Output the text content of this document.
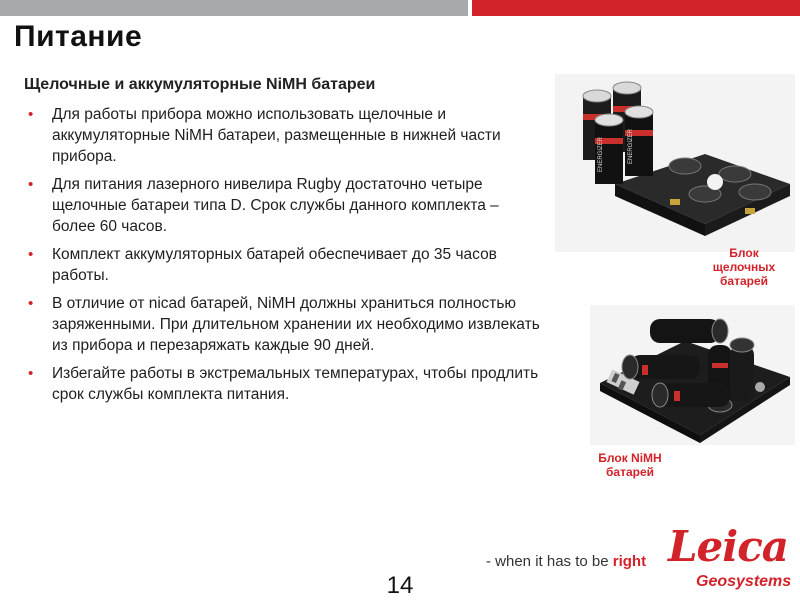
Питание
Щелочные и аккумуляторные NiMH батареи
• Для работы прибора можно использовать щелочные и аккумуляторные NiMH батареи, размещенные в нижней части прибора.
• Для питания лазерного нивелира Rugby достаточно четыре щелочные батареи типа D. Срок службы данного комплекта – более 60 часов.
• Комплект аккумуляторных батарей обеспечивает до 35 часов работы.
• В отличие от nicad батарей, NiMH должны храниться полностью заряженными. При длительном хранении их необходимо извлекать из прибора и перезаряжать каждые 90 дней.
• Избегайте работы в экстремальных температурах, чтобы продлить срок службы комплекта питания.
ENERGIZER	ENERGIZER
Блок
щелочных
батарей
Блок NiMH
батарей
- when it has to be right
14
Leica
Geosystems
